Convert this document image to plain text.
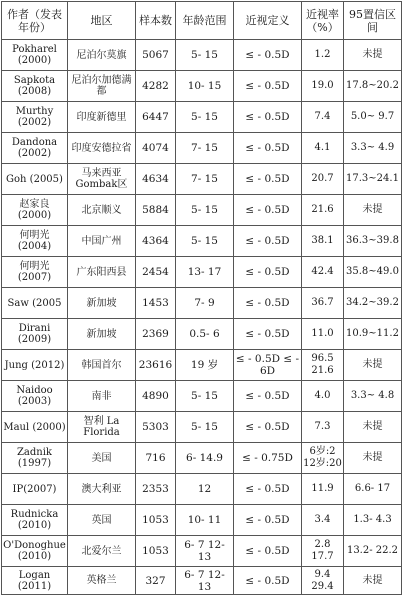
作者（发表年份）	地区	样本数	年龄范围	近视定义	近视率（%）	95置信区间
Pokharel (2000)	尼泊尔莫旗	5067	5- 15	≤ - 0.5D	1.2	未提
Sapkota (2008)	尼泊尔加德满都	4282	10- 15	≤ - 0.5D	19.0	17.8~20.2
Murthy (2002)	印度新德里	6447	5- 15	≤ - 0.5D	7.4	5.0~ 9.7
Dandona (2002)	印度安德拉省	4074	7- 15	≤ - 0.5D	4.1	3.3~ 4.9
Goh (2005)	马来西亚 Gombak区	4634	7- 15	≤ - 0.5D	20.7	17.3~24.1
赵家良 (2000)	北京顺义	5884	5- 15	≤ - 0.5D	21.6	未提
何明光 (2004)	中国广州	4364	5- 15	≤ - 0.5D	38.1	36.3~39.8
何明光 (2007)	广东阳西县	2454	13- 17	≤ - 0.5D	42.4	35.8~49.0
Saw (2005	新加坡	1453	7- 9	≤ - 0.5D	36.7	34.2~39.2
Dirani (2009)	新加坡	2369	0.5- 6	≤ - 0.5D	11.0	10.9~11.2
Jung (2012)	韩国首尔	23616	19 岁	≤ - 0.5D ≤ - 6D	96.5 21.6	未提
Naidoo (2003)	南非	4890	5- 15	≤ - 0.5D	4.0	3.3~ 4.8
Maul (2000)	智利 La Florida	5303	5- 15	≤ - 0.5D	7.3	未提
Zadnik (1997)	美国	716	6- 14.9	≤ - 0.75D	6岁:2 12岁:20	未提
IP(2007)	澳大利亚	2353	12	≤ - 0.5D	11.9	6.6- 17
Rudnicka (2010)	英国	1053	10- 11	≤ - 0.5D	3.4	1.3- 4.3
O'Donoghue (2010)	北爱尔兰	1053	6- 7 12- 13	≤ - 0.5D	2.8 17.7	13.2- 22.2
Logan (2011)	英格兰	327	6- 7 12- 13	≤ - 0.5D	9.4 29.4	未提
